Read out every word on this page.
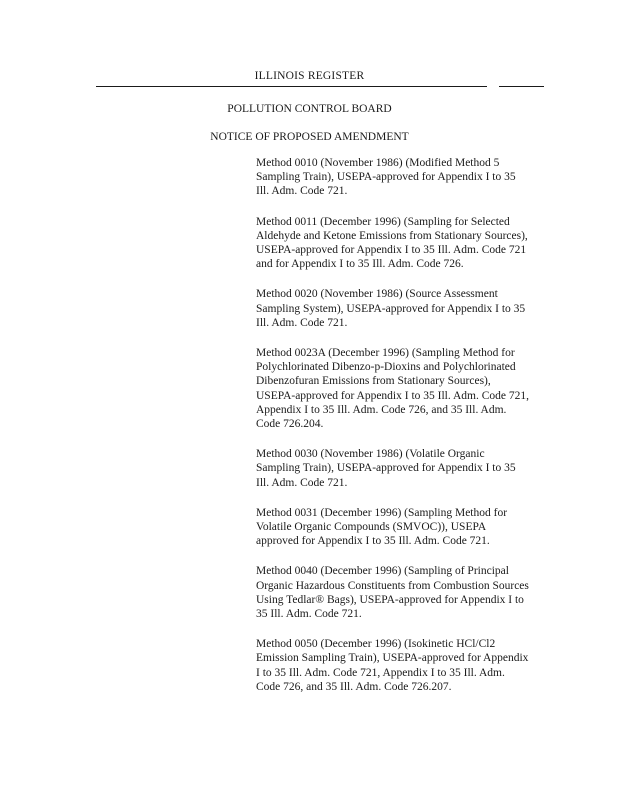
ILLINOIS REGISTER
POLLUTION CONTROL BOARD
NOTICE OF PROPOSED AMENDMENT

Method 0010 (November 1986) (Modified Method 5
Sampling Train), USEPA-approved for Appendix I to 35
Ill. Adm. Code 721.

Method 0011 (December 1996) (Sampling for Selected
Aldehyde and Ketone Emissions from Stationary Sources),
USEPA-approved for Appendix I to 35 Ill. Adm. Code 721
and for Appendix I to 35 Ill. Adm. Code 726.

Method 0020 (November 1986) (Source Assessment
Sampling System), USEPA-approved for Appendix I to 35
Ill. Adm. Code 721.

Method 0023A (December 1996) (Sampling Method for
Polychlorinated Dibenzo-p-Dioxins and Polychlorinated
Dibenzofuran Emissions from Stationary Sources),
USEPA-approved for Appendix I to 35 Ill. Adm. Code 721,
Appendix I to 35 Ill. Adm. Code 726, and 35 Ill. Adm.
Code 726.204.

Method 0030 (November 1986) (Volatile Organic
Sampling Train), USEPA-approved for Appendix I to 35
Ill. Adm. Code 721.

Method 0031 (December 1996) (Sampling Method for
Volatile Organic Compounds (SMVOC)), USEPA
approved for Appendix I to 35 Ill. Adm. Code 721.

Method 0040 (December 1996) (Sampling of Principal
Organic Hazardous Constituents from Combustion Sources
Using Tedlar® Bags), USEPA-approved for Appendix I to
35 Ill. Adm. Code 721.

Method 0050 (December 1996) (Isokinetic HCl/Cl2
Emission Sampling Train), USEPA-approved for Appendix
I to 35 Ill. Adm. Code 721, Appendix I to 35 Ill. Adm.
Code 726, and 35 Ill. Adm. Code 726.207.
